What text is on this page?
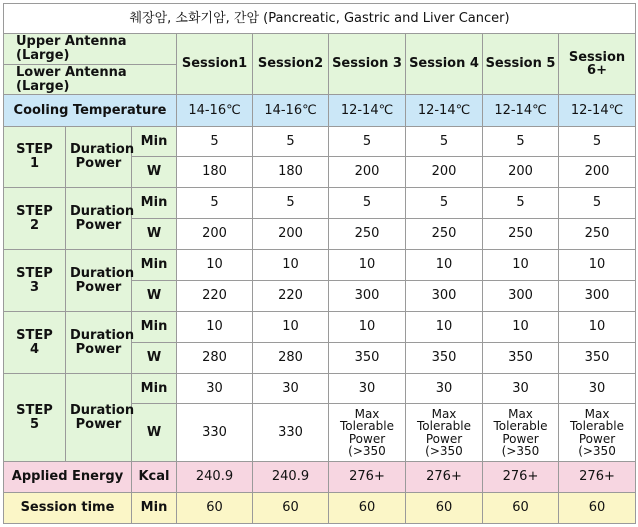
췌장암, 소화기암, 간암 (Pancreatic, Gastric and Liver Cancer)								
Upper Antenna (Large)			Session1	Session2	Session 3	Session 4	Session 5	Session 6+
Lower Antenna (Large)								
Cooling Temperature			14-16℃	14-16℃	12-14℃	12-14℃	12-14℃	12-14℃
STEP 1	Duration Power	Min	5	5	5	5	5	5
		W	180	180	200	200	200	200
STEP 2	Duration Power	Min	5	5	5	5	5	5
		W	200	200	250	250	250	250
STEP 3	Duration Power	Min	10	10	10	10	10	10
		W	220	220	300	300	300	300
STEP 4	Duration Power	Min	10	10	10	10	10	10
		W	280	280	350	350	350	350
STEP 5	Duration Power	Min	30	30	30	30	30	30
		W	330	330	Max Tolerable Power (>350	Max Tolerable Power (>350	Max Tolerable Power (>350	Max Tolerable Power (>350
Applied Energy		Kcal	240.9	240.9	276+	276+	276+	276+
Session time		Min	60	60	60	60	60	60
